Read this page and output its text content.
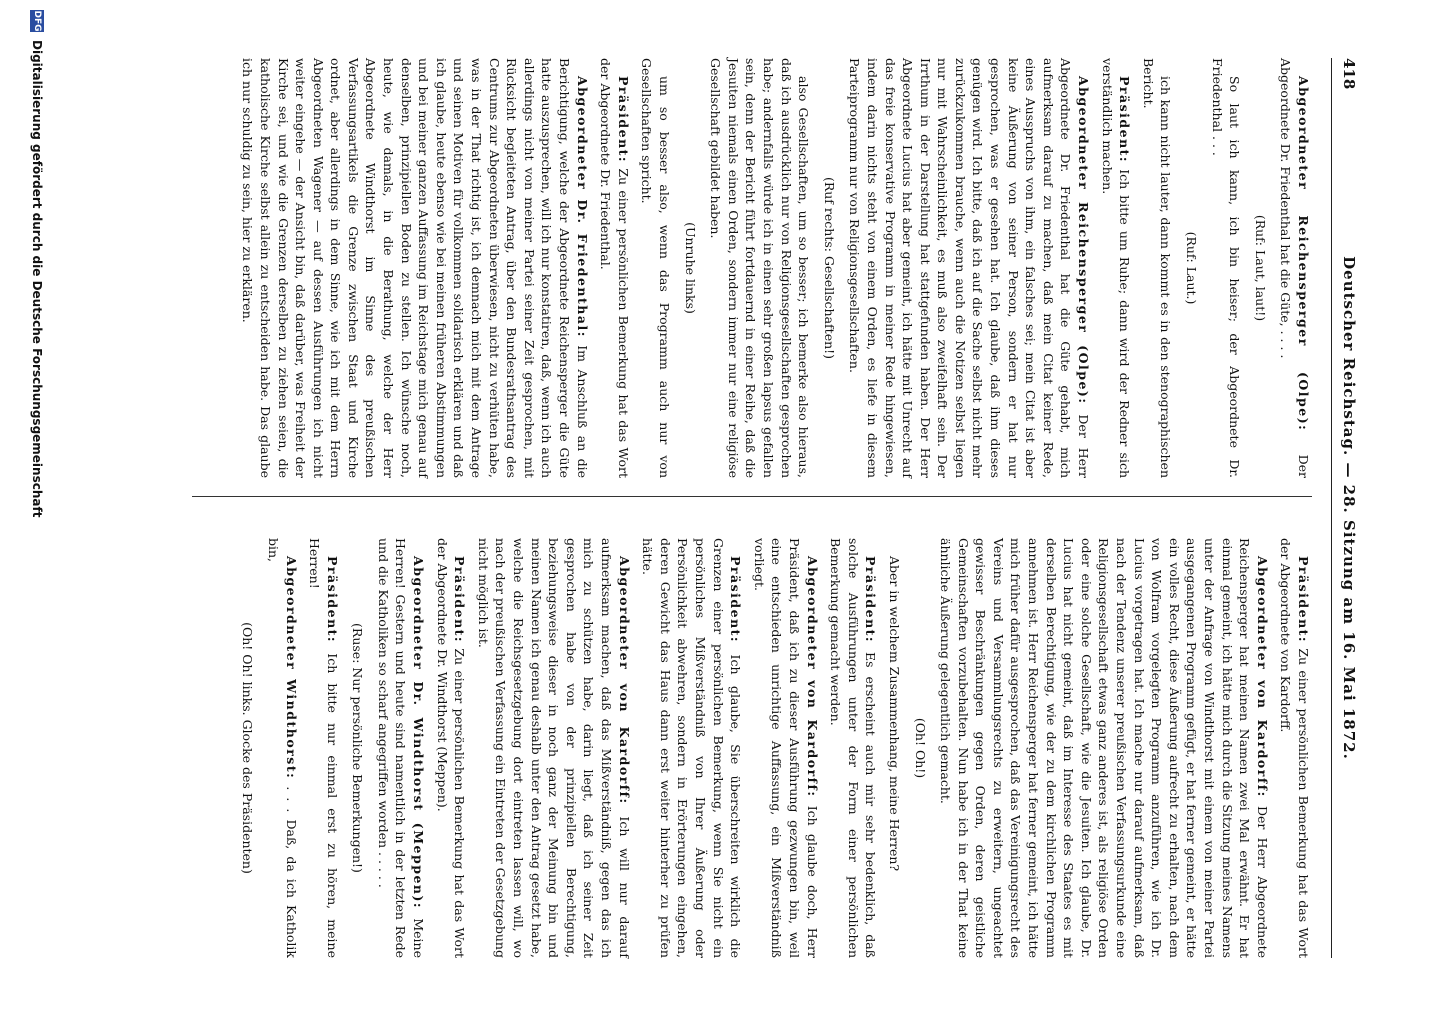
DFG
Digitalisierung gefördert durch die Deutsche Forschungsgemeinschaft	418
Deutscher Reichstag. — 28. Sitzung am 16. Mai 1872.

Abgeordneter Reichensperger (Olpe): Der Abgeordnete Dr. Friedenthal hat die Güte, . . . .

(Ruf: Laut, laut!)

So laut ich kann, ich bin heiser; der Abgeordnete Dr. Friedenthal . . .

(Ruf: Laut.)

ich kann nicht lauter, dann kommt es in den stenographischen Bericht.

Präsident: Ich bitte um Ruhe; dann wird der Redner sich verständlich machen.

Abgeordneter Reichensperger (Olpe): Der Herr Abgeordnete Dr. Friedenthal hat die Güte gehabt, mich aufmerksam darauf zu machen, daß mein Citat keiner Rede, eines Ausspruchs von ihm, ein falsches sei; mein Citat ist aber keine Äußerung von seiner Person, sondern er hat nur gesprochen, was er gesehen hat. Ich glaube, daß ihm dieses genügen wird. Ich bitte, daß ich auf die Sache selbst nicht mehr zurückzukommen brauche, wenn auch die Notizen selbst liegen nur mit Wahrscheinlichkeit, es muß also zweifelhaft sein. Der Irrthum in der Darstellung hat stattgefunden haben. Der Herr Abgeordnete Lucius hat aber gemeint, ich hätte mit Unrecht auf das freie konservative Programm in meiner Rede hingewiesen, indem darin nichts steht von einem Orden, es liefe in diesem Parteiprogramm nur von Religionsgesellschaften.

(Ruf rechts: Gesellschaften!)

also Gesellschaften, um so besser; ich bemerke also hieraus, daß ich ausdrücklich nur von Religionsgesellschaften gesprochen habe; andernfalls würde ich in einen sehr großen lapsus gefallen sein, denn der Bericht führt fortdauernd in einer Reihe, daß die Jesuiten niemals einen Orden, sondern immer nur eine religiöse Gesellschaft gebildet haben.

(Unruhe links)

um so besser also, wenn das Programm auch nur von Gesellschaften spricht.

Präsident: Zu einer persönlichen Bemerkung hat das Wort der Abgeordnete Dr. Friedenthal.

Abgeordneter Dr. Friedenthal: Im Anschluß an die Berichtigung, welche der Abgeordnete Reichensperger die Güte hatte auszusprechen, will ich nur konstatiren, daß, wenn ich auch allerdings nicht von meiner Partei seiner Zeit gesprochen, mit Rücksicht begleiteten Antrag, über den Bundesrathsantrag des Centrums zur Abgeordneten überwiesen, nicht zu verhüten habe, was in der That richtig ist, ich demnach mich mit dem Antrage und seinen Motiven für vollkommen solidarisch erklären und daß ich glaube, heute ebenso wie bei meinen früheren Abstimmungen und bei meiner ganzen Auffassung im Reichstage mich genau auf denselben, prinzipiellen Boden zu stellen. Ich wünsche noch, heute, wie damals, in die Berathung, welche der Herr Abgeordnete Windthorst im Sinne des preußischen Verfassungsartikels die Grenze zwischen Staat und Kirche ordnet, aber allerdings in dem Sinne, wie ich mit dem Herrn Abgeordneten Wagener — auf dessen Ausführungen ich nicht weiter eingehe — der Ansicht bin, daß darüber, was Freiheit der Kirche sei, und wie die Grenzen derselben zu ziehen seien, die katholische Kirche selbst allein zu entscheiden habe. Das glaube ich nur schuldig zu sein, hier zu erklären.

Präsident: Zu einer persönlichen Bemerkung hat das Wort der Abgeordnete von Kardorff.

Abgeordneter von Kardorff: Der Herr Abgeordnete Reichensperger hat meinen Namen zwei Mal erwähnt. Er hat einmal gemeint, ich hätte mich durch die Sitzung meines Namens unter der Anfrage von Windthorst mit einem von meiner Partei ausgegangenen Programm gefügt, er hat ferner gemeint, er hätte ein volles Recht, diese Äußerung aufrecht zu erhalten, nach dem von Wolfram vorgelegten Programm anzuführen, wie ich Dr. Lucius vorgetragen hat. Ich mache nur darauf aufmerksam, daß nach der Tendenz unserer preußischen Verfassungsurkunde eine Religionsgesellschaft etwas ganz anderes ist, als religiöse Orden oder eine solche Gesellschaft, wie die Jesuiten. Ich glaube, Dr. Lucius hat nicht gemeint, daß im Interesse des Staates es mit derselben Berechtigung, wie der zu dem kirchlichen Programm annehmen ist. Herr Reichensperger hat ferner gemeint, ich hätte mich früher dafür ausgesprochen, daß das Vereinigungsrecht des Vereins und Versammlungsrechts zu erweitern, ungeachtet gewisser Beschränkungen gegen Orden, deren geistliche Gemeinschaften vorzubehalten. Nun habe ich in der That keine ähnliche Äußerung gelegentlich gemacht.

(Oh! Oh!)

Aber in welchem Zusammenhang, meine Herren?

Präsident: Es erscheint auch mir sehr bedenklich, daß solche Ausführungen unter der Form einer persönlichen Bemerkung gemacht werden.

Abgeordneter von Kardorff: Ich glaube doch, Herr Präsident, daß ich zu dieser Ausführung gezwungen bin, weil eine entschieden unrichtige Auffassung, ein Mißverständniß vorliegt.

Präsident: Ich glaube, Sie überschreiten wirklich die Grenzen einer persönlichen Bemerkung, wenn Sie nicht ein persönliches Mißverständniß von Ihrer Äußerung oder Persönlichkeit abwehren, sondern in Erörterungen eingehen, deren Gewicht das Haus dann erst weiter hinterher zu prüfen hätte.

Abgeordneter von Kardorff: Ich will nur darauf aufmerksam machen, daß das Mißverständniß, gegen das ich mich zu schützen habe, darin liegt, daß ich seiner Zeit gesprochen habe von der prinzipiellen Berechtigung, beziehungsweise dieser in noch ganz der Meinung bin und meinen Namen ich genau deshalb unter den Antrag gesetzt habe, welche die Reichsgesetzgebung dort eintreten lassen will, wo nach der preußischen Verfassung ein Eintreten der Gesetzgebung nicht möglich ist.

Präsident: Zu einer persönlichen Bemerkung hat das Wort der Abgeordnete Dr. Windthorst (Meppen).

Abgeordneter Dr. Windthorst (Meppen): Meine Herren! Gestern und heute sind namentlich in der letzten Rede und die Katholiken so scharf angegriffen worden . . . . .

(Ruse: Nur persönliche Bemerkungen!)

Präsident: Ich bitte nur einmal erst zu hören, meine Herren!

Abgeordneter Windthorst: . . . Daß, da ich Katholik bin,

(Oh! Oh! links. Glocke des Präsidenten)
